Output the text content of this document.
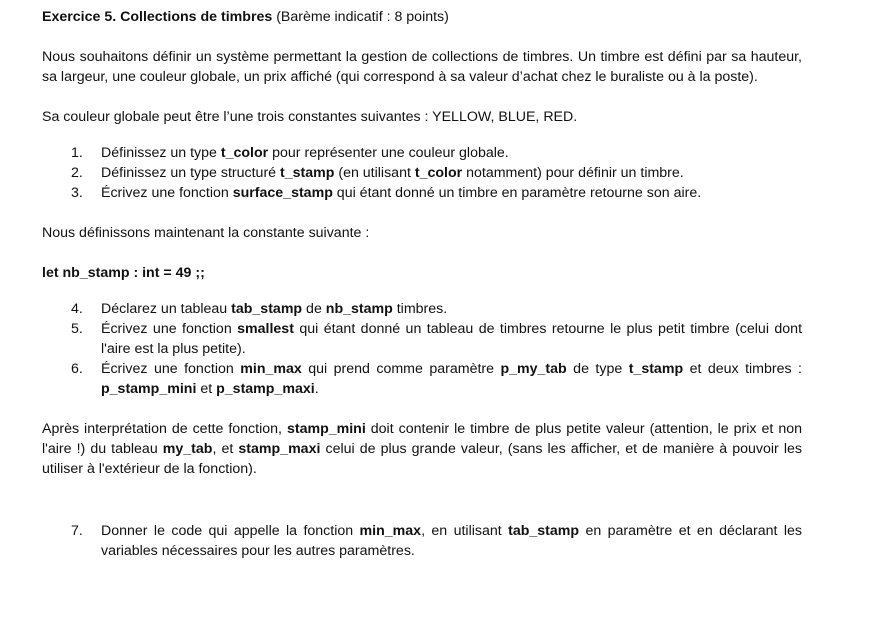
Exercice 5. Collections de timbres (Barème indicatif : 8 points)
Nous souhaitons définir un système permettant la gestion de collections de timbres. Un timbre est défini par sa hauteur, sa largeur, une couleur globale, un prix affiché (qui correspond à sa valeur d’achat chez le buraliste ou à la poste).
Sa couleur globale peut être l’une trois constantes suivantes : YELLOW, BLUE, RED.
1. Définissez un type t_color pour représenter une couleur globale.
2. Définissez un type structuré t_stamp (en utilisant t_color notamment) pour définir un timbre.
3. Écrivez une fonction surface_stamp qui étant donné un timbre en paramètre retourne son aire.
Nous définissons maintenant la constante suivante :
let nb_stamp : int = 49 ;;
4. Déclarez un tableau tab_stamp de nb_stamp timbres.
5. Écrivez une fonction smallest qui étant donné un tableau de timbres retourne le plus petit timbre (celui dont l'aire est la plus petite).
6. Écrivez une fonction min_max qui prend comme paramètre p_my_tab de type t_stamp et deux timbres : p_stamp_mini et p_stamp_maxi.
Après interprétation de cette fonction, stamp_mini doit contenir le timbre de plus petite valeur (attention, le prix et non l'aire !) du tableau my_tab, et stamp_maxi celui de plus grande valeur, (sans les afficher, et de manière à pouvoir les utiliser à l'extérieur de la fonction).
7. Donner le code qui appelle la fonction min_max, en utilisant tab_stamp en paramètre et en déclarant les variables nécessaires pour les autres paramètres.
